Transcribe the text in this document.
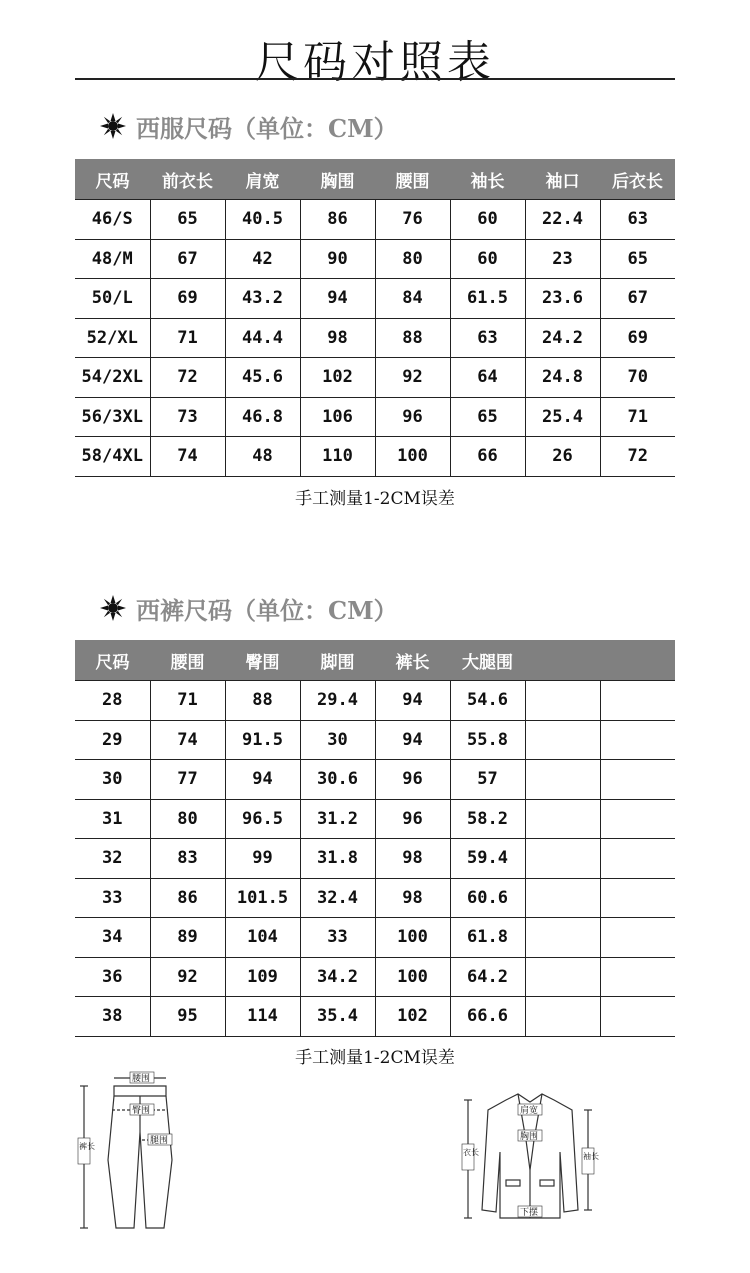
尺码对照表
西服尺码（单位：CM）
尺码	前衣长	肩宽	胸围	腰围	袖长	袖口	后衣长
46/S	65	40.5	86	76	60	22.4	63
48/M	67	42	90	80	60	23	65
50/L	69	43.2	94	84	61.5	23.6	67
52/XL	71	44.4	98	88	63	24.2	69
54/2XL	72	45.6	102	92	64	24.8	70
56/3XL	73	46.8	106	96	65	25.4	71
58/4XL	74	48	110	100	66	26	72
手工测量1-2CM误差
西裤尺码（单位：CM）
尺码	腰围	臀围	脚围	裤长	大腿围		
28	71	88	29.4	94	54.6		
29	74	91.5	30	94	55.8		
30	77	94	30.6	96	57		
31	80	96.5	31.2	96	58.2		
32	83	99	31.8	98	59.4		
33	86	101.5	32.4	98	60.6		
34	89	104	33	100	61.8		
36	92	109	34.2	100	64.2		
38	95	114	35.4	102	66.6		
手工测量1-2CM误差
腰围
臀围
腿围
裤长
肩宽
胸围
下摆
衣长	袖长
